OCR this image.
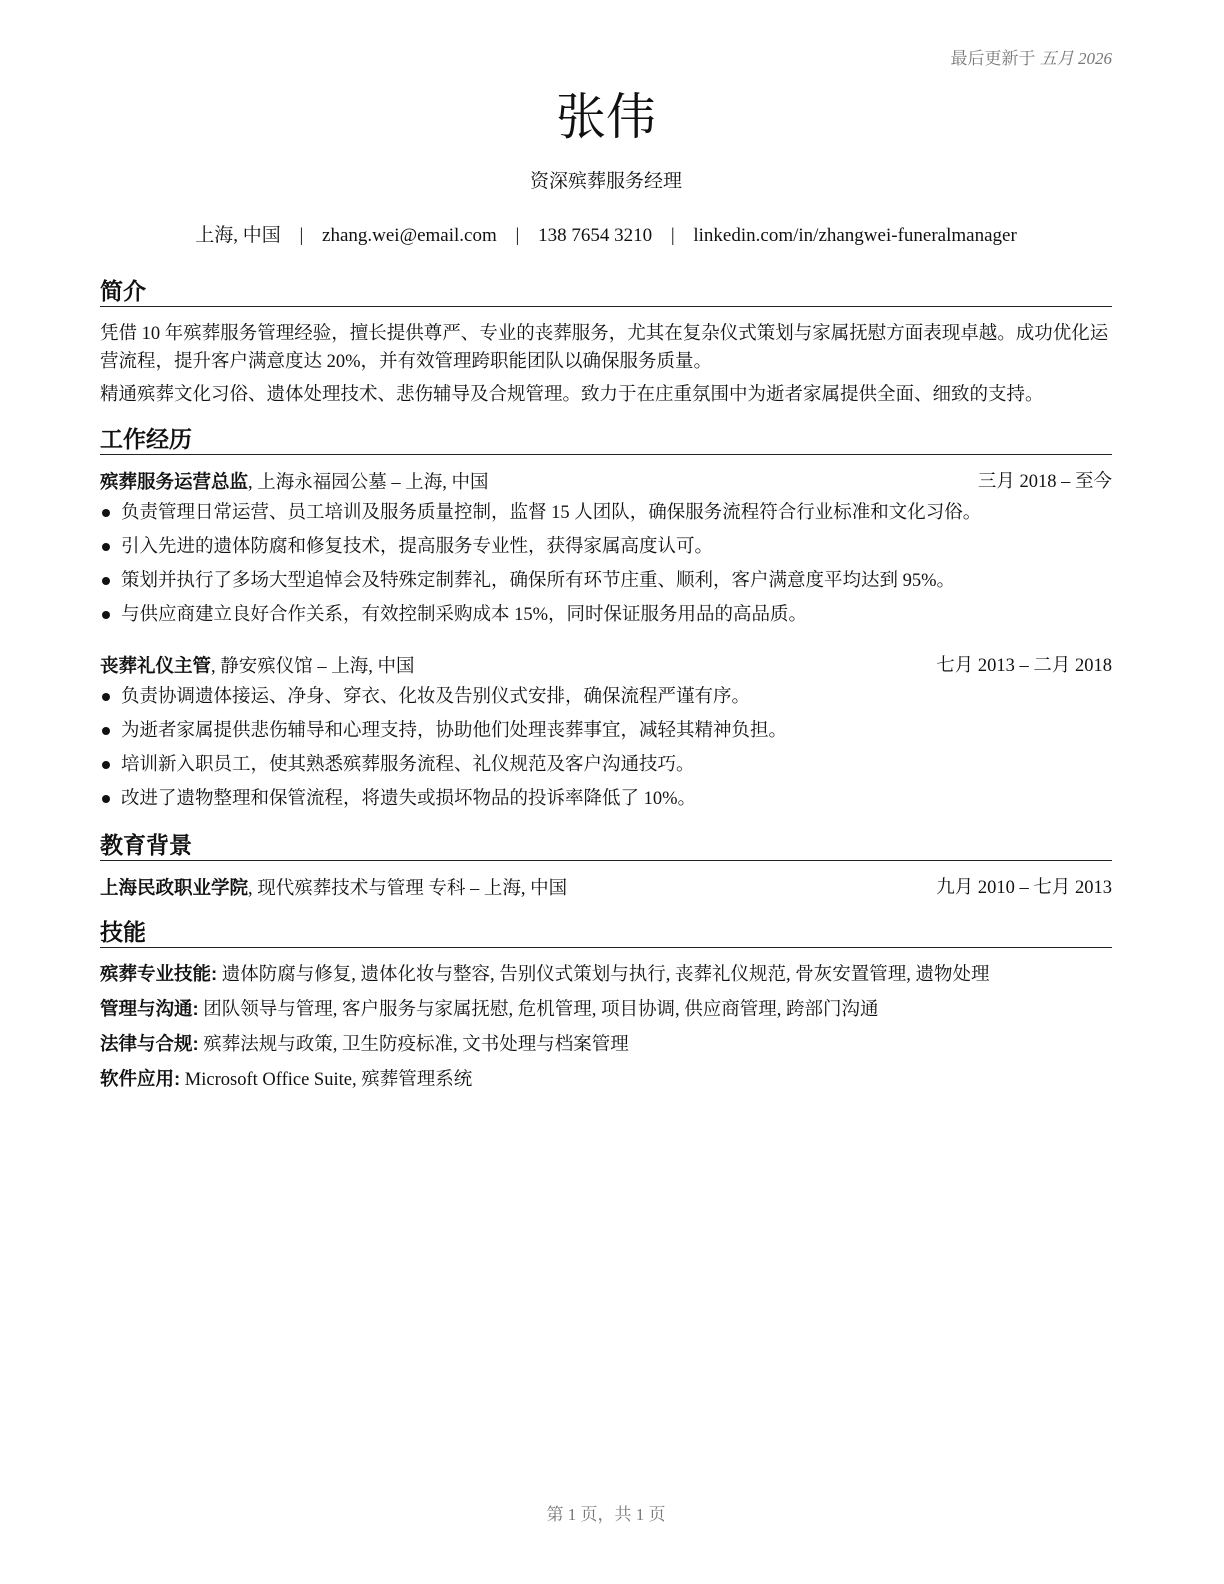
最后更新于 五月 2026
张伟
资深殡葬服务经理
上海, 中国 | zhang.wei@email.com | 138 7654 3210 | linkedin.com/in/zhangwei-funeralmanager
简介
凭借 10 年殡葬服务管理经验，擅长提供尊严、专业的丧葬服务，尤其在复杂仪式策划与家属抚慰方面表现卓越。成功优化运营流程，提升客户满意度达 20%，并有效管理跨职能团队以确保服务质量。
精通殡葬文化习俗、遗体处理技术、悲伤辅导及合规管理。致力于在庄重氛围中为逝者家属提供全面、细致的支持。
工作经历
殡葬服务运营总监, 上海永福园公墓 – 上海, 中国	三月 2018 – 至今
负责管理日常运营、员工培训及服务质量控制，监督 15 人团队，确保服务流程符合行业标准和文化习俗。
引入先进的遗体防腐和修复技术，提高服务专业性，获得家属高度认可。
策划并执行了多场大型追悼会及特殊定制葬礼，确保所有环节庄重、顺利，客户满意度平均达到 95%。
与供应商建立良好合作关系，有效控制采购成本 15%，同时保证服务用品的高品质。
丧葬礼仪主管, 静安殡仪馆 – 上海, 中国	七月 2013 – 二月 2018
负责协调遗体接运、净身、穿衣、化妆及告别仪式安排，确保流程严谨有序。
为逝者家属提供悲伤辅导和心理支持，协助他们处理丧葬事宜，减轻其精神负担。
培训新入职员工，使其熟悉殡葬服务流程、礼仪规范及客户沟通技巧。
改进了遗物整理和保管流程，将遗失或损坏物品的投诉率降低了 10%。
教育背景
上海民政职业学院, 现代殡葬技术与管理 专科 – 上海, 中国	九月 2010 – 七月 2013
技能
殡葬专业技能: 遗体防腐与修复, 遗体化妆与整容, 告别仪式策划与执行, 丧葬礼仪规范, 骨灰安置管理, 遗物处理
管理与沟通: 团队领导与管理, 客户服务与家属抚慰, 危机管理, 项目协调, 供应商管理, 跨部门沟通
法律与合规: 殡葬法规与政策, 卫生防疫标准, 文书处理与档案管理
软件应用: Microsoft Office Suite, 殡葬管理系统
第 1 页，共 1 页
